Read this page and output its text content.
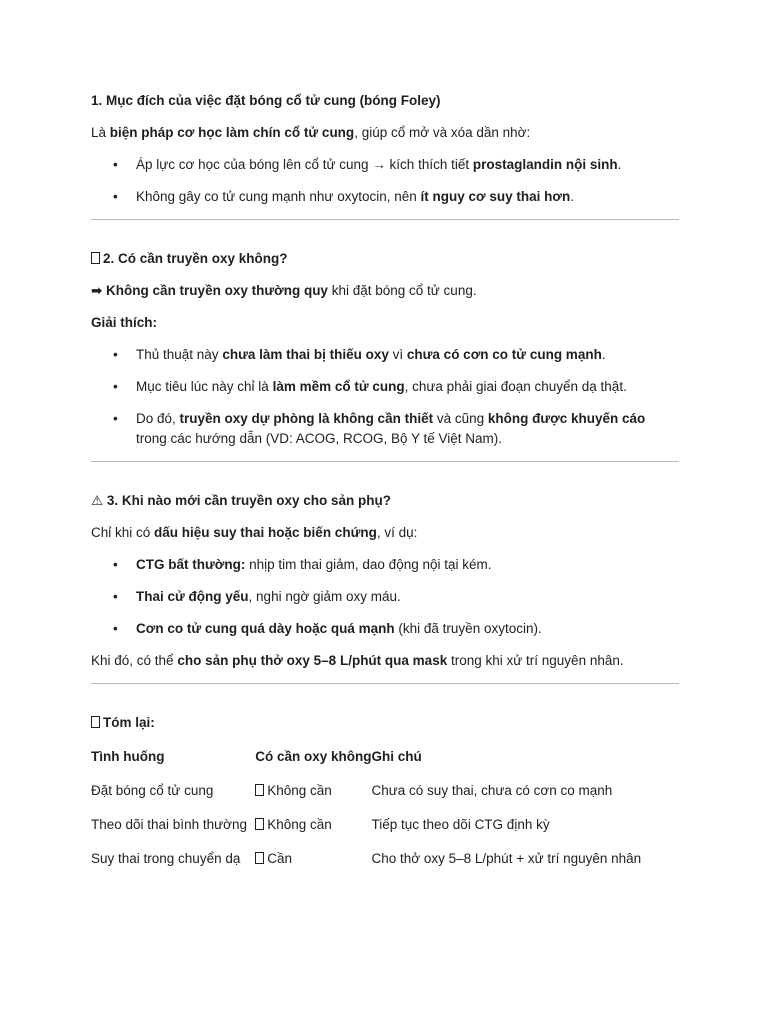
1. Mục đích của việc đặt bóng cổ tử cung (bóng Foley)

Là biện pháp cơ học làm chín cổ tử cung, giúp cổ mở và xóa dần nhờ:

• Áp lực cơ học của bóng lên cổ tử cung → kích thích tiết prostaglandin nội sinh.
• Không gây co tử cung mạnh như oxytocin, nên ít nguy cơ suy thai hơn.

2. Có cần truyền oxy không?

➡ Không cần truyền oxy thường quy khi đặt bóng cổ tử cung.

Giải thích:

• Thủ thuật này chưa làm thai bị thiếu oxy vì chưa có cơn co tử cung mạnh.
• Mục tiêu lúc này chỉ là làm mềm cổ tử cung, chưa phải giai đoạn chuyển dạ thật.
• Do đó, truyền oxy dự phòng là không cần thiết và cũng không được khuyến cáo trong các hướng dẫn (VD: ACOG, RCOG, Bộ Y tế Việt Nam).

⚠ 3. Khi nào mới cần truyền oxy cho sản phụ?

Chỉ khi có dấu hiệu suy thai hoặc biến chứng, ví dụ:

• CTG bất thường: nhịp tim thai giảm, dao động nội tại kém.
• Thai cử động yếu, nghi ngờ giảm oxy máu.
• Cơn co tử cung quá dày hoặc quá mạnh (khi đã truyền oxytocin).

Khi đó, có thể cho sản phụ thở oxy 5–8 L/phút qua mask trong khi xử trí nguyên nhân.

Tóm lại:

Tình huống	Có cần oxy không	Ghi chú
Đặt bóng cổ tử cung	Không cần	Chưa có suy thai, chưa có cơn co mạnh
Theo dõi thai bình thường	Không cần	Tiếp tục theo dõi CTG định kỳ
Suy thai trong chuyển dạ	Cần	Cho thở oxy 5–8 L/phút + xử trí nguyên nhân
